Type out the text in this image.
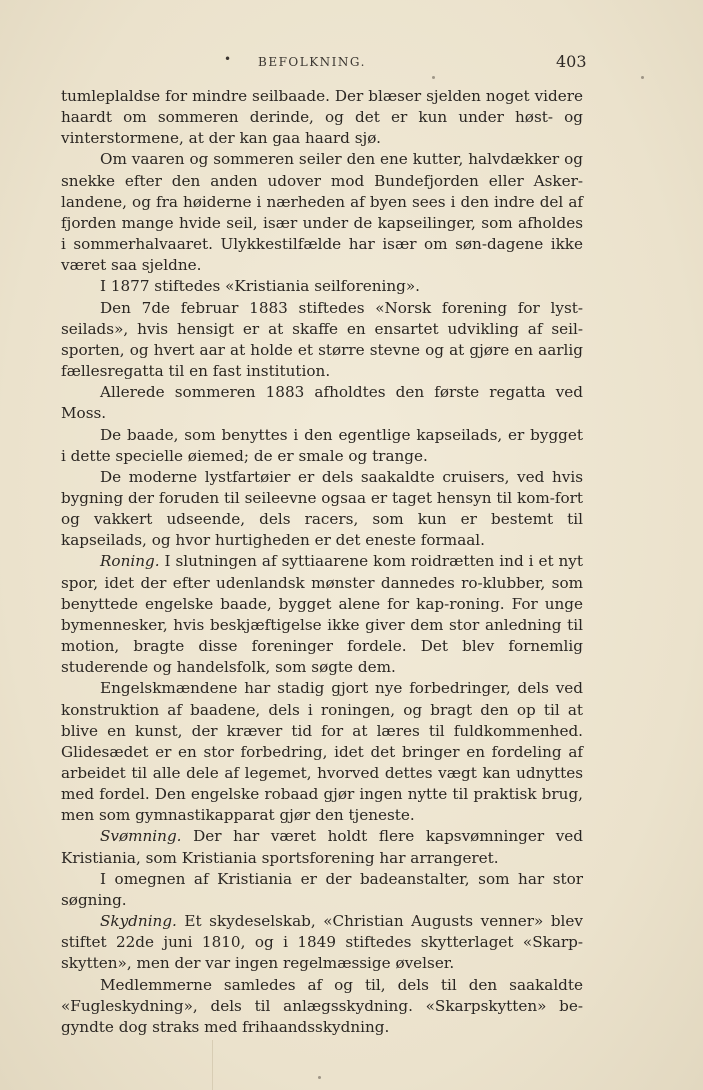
• BEFOLKNING.	403

tumleplaldse for mindre seilbaade. Der blæser sjelden noget videre haardt om sommeren derinde, og det er kun under høst- og vinterstormene, at der kan gaa haard sjø.

Om vaaren og sommeren seiler den ene kutter, halvdækker og snekke efter den anden udover mod Bundefjorden eller Asker-landene, og fra høiderne i nærheden af byen sees i den indre del af fjorden mange hvide seil, især under de kapseilinger, som afholdes i sommerhalvaaret. Ulykkestilfælde har især om søn-dagene ikke været saa sjeldne.

I 1877 stiftedes «Kristiania seilforening».

Den 7de februar 1883 stiftedes «Norsk forening for lyst-seilads», hvis hensigt er at skaffe en ensartet udvikling af seil-sporten, og hvert aar at holde et større stevne og at gjøre en aarlig fællesregatta til en fast institution.

Allerede sommeren 1883 afholdtes den første regatta ved Moss.

De baade, som benyttes i den egentlige kapseilads, er bygget i dette specielle øiemed; de er smale og trange.

De moderne lystfartøier er dels saakaldte cruisers, ved hvis bygning der foruden til seileevne ogsaa er taget hensyn til kom-fort og vakkert udseende, dels racers, som kun er bestemt til kapseilads, og hvor hurtigheden er det eneste formaal.

Roning. I slutningen af syttiaarene kom roidrætten ind i et nyt spor, idet der efter udenlandsk mønster dannedes ro-klubber, som benyttede engelske baade, bygget alene for kap-roning. For unge bymennesker, hvis beskjæftigelse ikke giver dem stor anledning til motion, bragte disse foreninger fordele. Det blev fornemlig studerende og handelsfolk, som søgte dem.

Engelskmændene har stadig gjort nye forbedringer, dels ved konstruktion af baadene, dels i roningen, og bragt den op til at blive en kunst, der kræver tid for at læres til fuldkommenhed. Glidesædet er en stor forbedring, idet det bringer en fordeling af arbeidet til alle dele af legemet, hvorved dettes vægt kan udnyttes med fordel. Den engelske robaad gjør ingen nytte til praktisk brug, men som gymnastikapparat gjør den tjeneste.

Svømning. Der har været holdt flere kapsvømninger ved Kristiania, som Kristiania sportsforening har arrangeret.

I omegnen af Kristiania er der badeanstalter, som har stor søgning.

Skydning. Et skydeselskab, «Christian Augusts venner» blev stiftet 22de juni 1810, og i 1849 stiftedes skytterlaget «Skarp-skytten», men der var ingen regelmæssige øvelser.

Medlemmerne samledes af og til, dels til den saakaldte «Fugleskydning», dels til anlægsskydning. «Skarpskytten» be-gyndte dog straks med frihaandsskydning.
